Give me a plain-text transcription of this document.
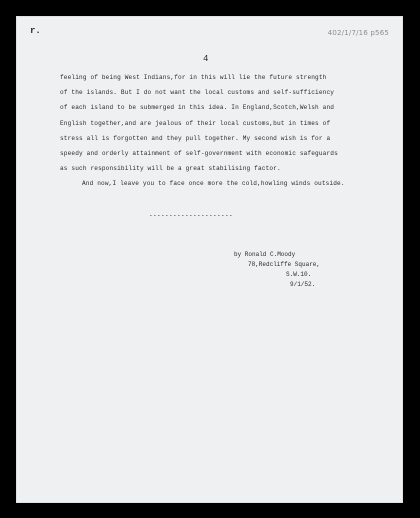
r.	402/1/7/16 p565
4
feeling of being West Indians,for in this will lie the future strength
of the islands. But I do not want the local customs and self-sufficiency
of each island to be submerged in this idea. In England,Scotch,Welsh and
English together,and are jealous of their local customs,but in times of
stress all is forgotten and they pull together. My second wish is for a
speedy and orderly attainment of self-government with economic safeguards
as such responsibility will be a great stabilising factor.
And now,I leave you to face once more the cold,howling winds outside.
---------------------
by Ronald C.Moody
78,Redcliffe Square,
S.W.10.
9/1/52.
